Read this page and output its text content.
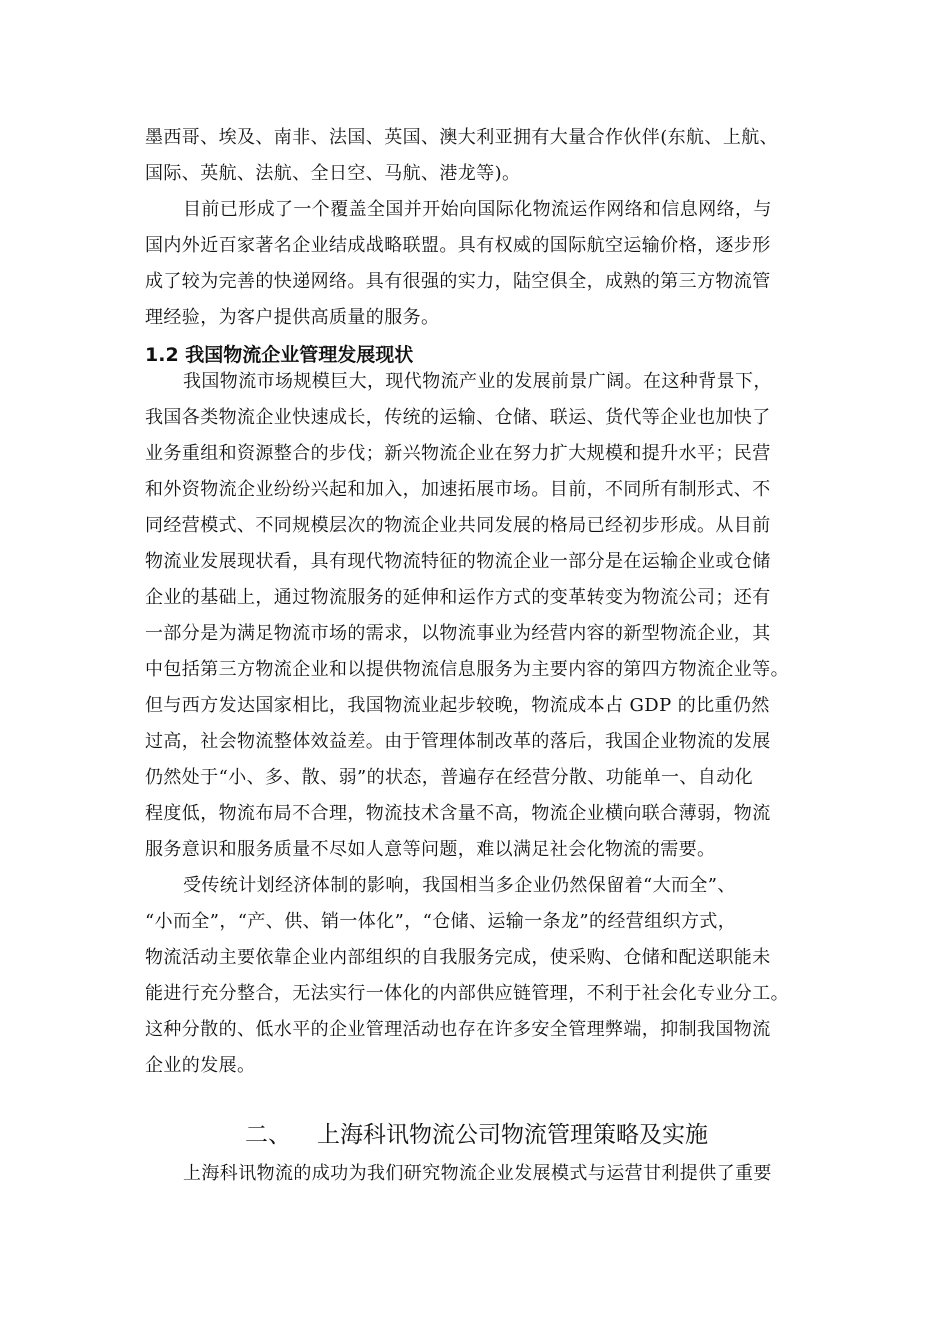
墨西哥、埃及、南非、法国、英国、澳大利亚拥有大量合作伙伴(东航、上航、
国际、英航、法航、全日空、马航、港龙等)。
目前已形成了一个覆盖全国并开始向国际化物流运作网络和信息网络，与
国内外近百家著名企业结成战略联盟。具有权威的国际航空运输价格，逐步形
成了较为完善的快递网络。具有很强的实力，陆空俱全，成熟的第三方物流管
理经验，为客户提供高质量的服务。
1.2 我国物流企业管理发展现状
我国物流市场规模巨大，现代物流产业的发展前景广阔。在这种背景下，
我国各类物流企业快速成长，传统的运输、仓储、联运、货代等企业也加快了
业务重组和资源整合的步伐；新兴物流企业在努力扩大规模和提升水平；民营
和外资物流企业纷纷兴起和加入，加速拓展市场。目前，不同所有制形式、不
同经营模式、不同规模层次的物流企业共同发展的格局已经初步形成。从目前
物流业发展现状看，具有现代物流特征的物流企业一部分是在运输企业或仓储
企业的基础上，通过物流服务的延伸和运作方式的变革转变为物流公司；还有
一部分是为满足物流市场的需求，以物流事业为经营内容的新型物流企业，其
中包括第三方物流企业和以提供物流信息服务为主要内容的第四方物流企业等。
但与西方发达国家相比，我国物流业起步较晚，物流成本占 GDP 的比重仍然
过高，社会物流整体效益差。由于管理体制改革的落后，我国企业物流的发展
仍然处于“小、多、散、弱”的状态，普遍存在经营分散、功能单一、自动化
程度低，物流布局不合理，物流技术含量不高，物流企业横向联合薄弱，物流
服务意识和服务质量不尽如人意等问题，难以满足社会化物流的需要。
受传统计划经济体制的影响，我国相当多企业仍然保留着“大而全”、
“小而全”，“产、供、销一体化”，“仓储、运输一条龙”的经营组织方式，
物流活动主要依靠企业内部组织的自我服务完成，使采购、仓储和配送职能未
能进行充分整合，无法实行一体化的内部供应链管理，不利于社会化专业分工。
这种分散的、低水平的企业管理活动也存在许多安全管理弊端，抑制我国物流
企业的发展。
二、 上海科讯物流公司物流管理策略及实施
上海科讯物流的成功为我们研究物流企业发展模式与运营甘利提供了重要
